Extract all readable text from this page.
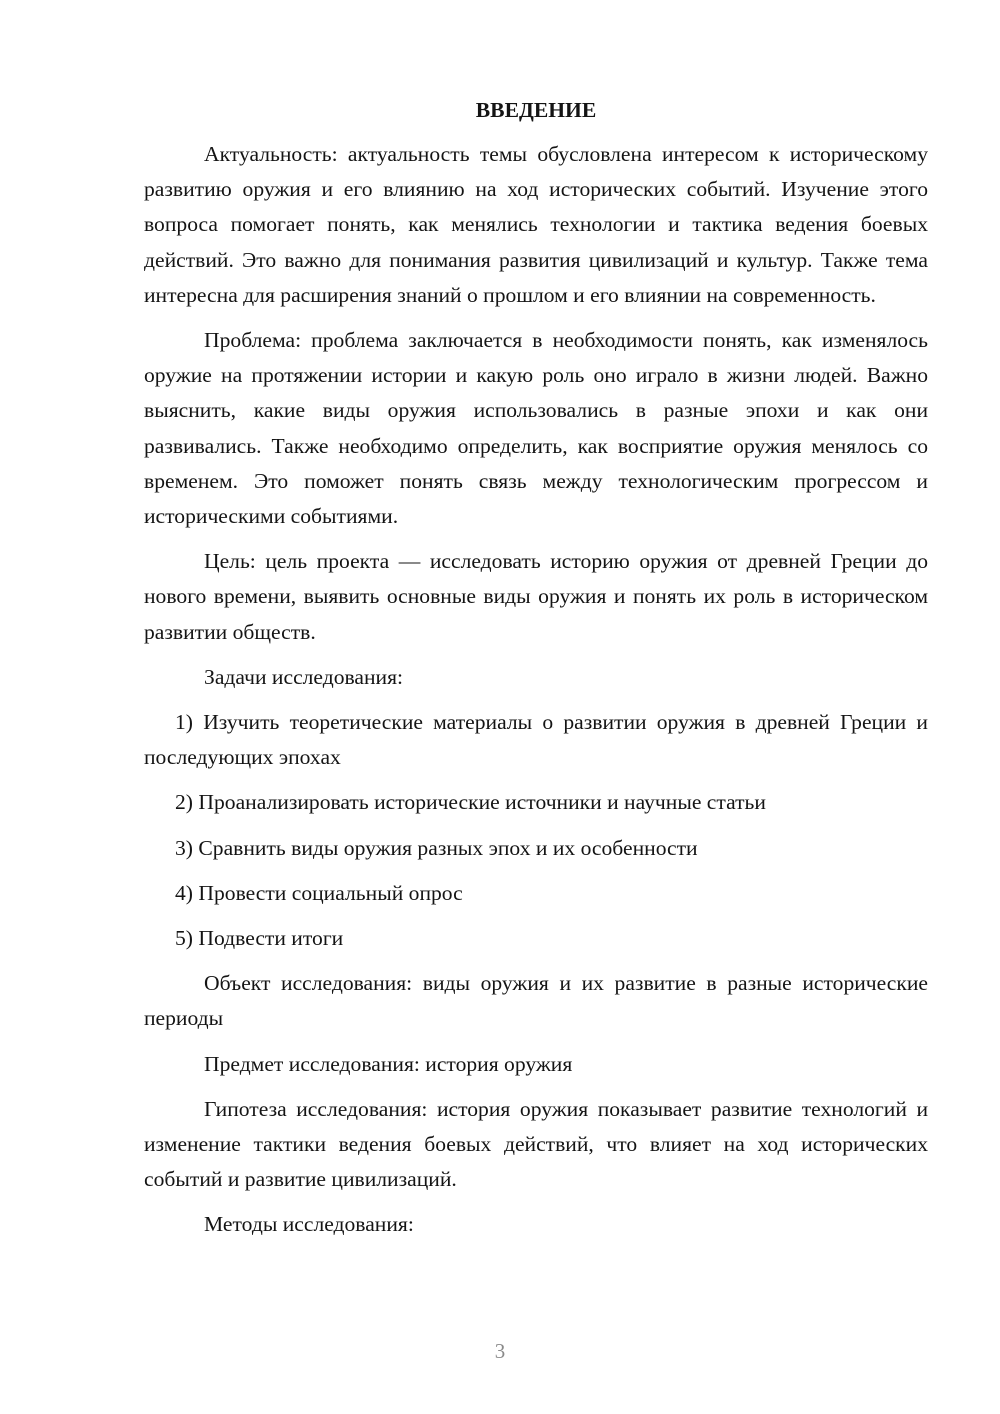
ВВЕДЕНИЕ

Актуальность: актуальность темы обусловлена интересом к историческому развитию оружия и его влиянию на ход исторических событий. Изучение этого вопроса помогает понять, как менялись технологии и тактика ведения боевых действий. Это важно для понимания развития цивилизаций и культур. Также тема интересна для расширения знаний о прошлом и его влиянии на современность.

Проблема: проблема заключается в необходимости понять, как изменялось оружие на протяжении истории и какую роль оно играло в жизни людей. Важно выяснить, какие виды оружия использовались в разные эпохи и как они развивались. Также необходимо определить, как восприятие оружия менялось со временем. Это поможет понять связь между технологическим прогрессом и историческими событиями.

Цель: цель проекта — исследовать историю оружия от древней Греции до нового времени, выявить основные виды оружия и понять их роль в историческом развитии обществ.

Задачи исследования:

1) Изучить теоретические материалы о развитии оружия в древней Греции и последующих эпохах

2) Проанализировать исторические источники и научные статьи

3) Сравнить виды оружия разных эпох и их особенности

4) Провести социальный опрос

5) Подвести итоги

Объект исследования: виды оружия и их развитие в разные исторические периоды

Предмет исследования: история оружия

Гипотеза исследования: история оружия показывает развитие технологий и изменение тактики ведения боевых действий, что влияет на ход исторических событий и развитие цивилизаций.

Методы исследования:

3
